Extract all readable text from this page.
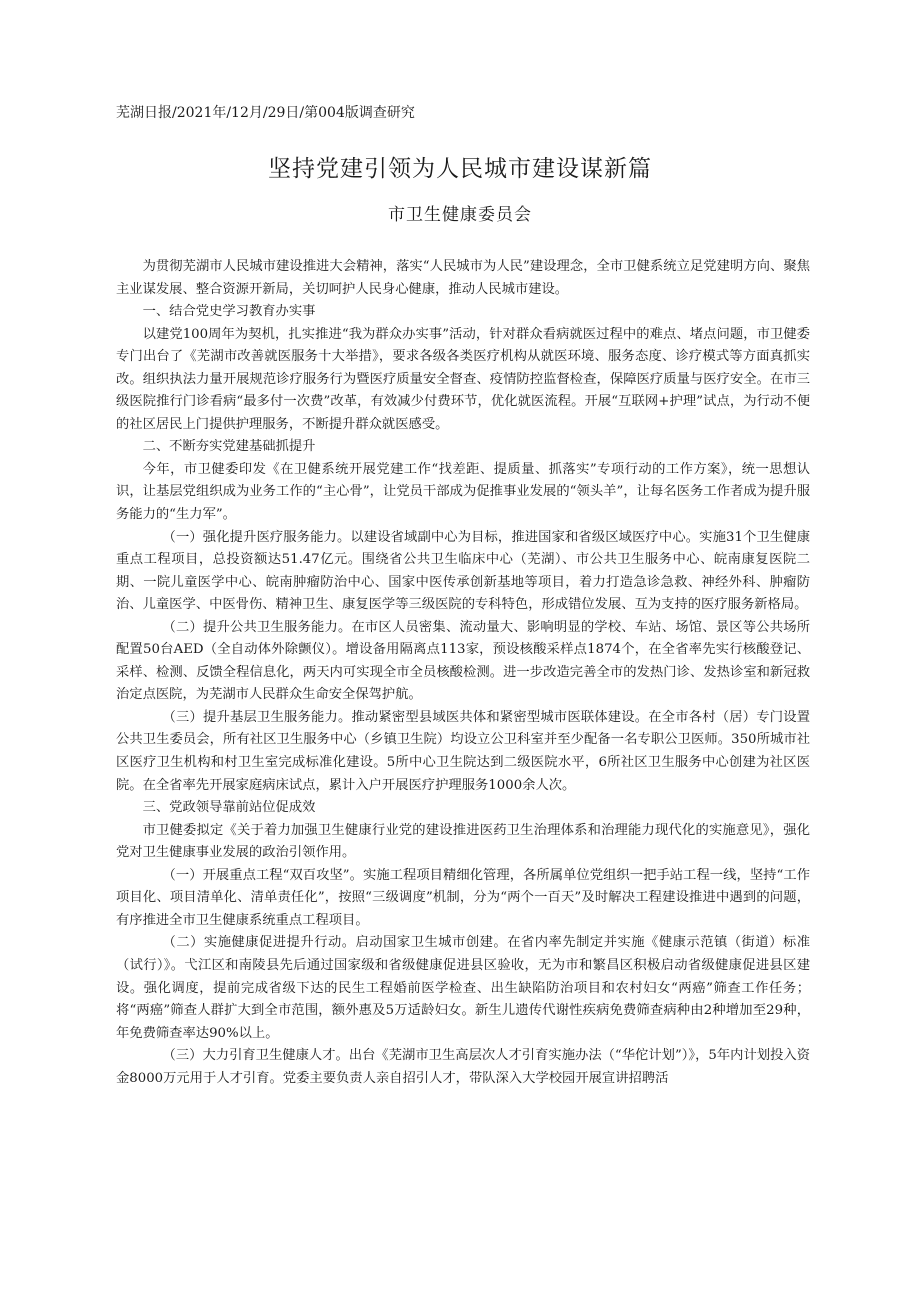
芜湖日报/2021年/12月/29日/第004版调查研究
坚持党建引领为人民城市建设谋新篇
市卫生健康委员会

为贯彻芜湖市人民城市建设推进大会精神，落实“人民城市为人民”建设理念，全市卫健系统立足党建明方向、聚焦主业谋发展、整合资源开新局，关切呵护人民身心健康，推动人民城市建设。

一、结合党史学习教育办实事

以建党100周年为契机，扎实推进“我为群众办实事”活动，针对群众看病就医过程中的难点、堵点问题，市卫健委专门出台了《芜湖市改善就医服务十大举措》，要求各级各类医疗机构从就医环境、服务态度、诊疗模式等方面真抓实改。组织执法力量开展规范诊疗服务行为暨医疗质量安全督查、疫情防控监督检查，保障医疗质量与医疗安全。在市三级医院推行门诊看病“最多付一次费”改革，有效减少付费环节，优化就医流程。开展“互联网+护理”试点，为行动不便的社区居民上门提供护理服务，不断提升群众就医感受。

二、不断夯实党建基础抓提升

今年，市卫健委印发《在卫健系统开展党建工作“找差距、提质量、抓落实”专项行动的工作方案》，统一思想认识，让基层党组织成为业务工作的“主心骨”，让党员干部成为促推事业发展的“领头羊”，让每名医务工作者成为提升服务能力的“生力军”。

（一）强化提升医疗服务能力。以建设省域副中心为目标，推进国家和省级区域医疗中心。实施31个卫生健康重点工程项目，总投资额达51.47亿元。围绕省公共卫生临床中心（芜湖）、市公共卫生服务中心、皖南康复医院二期、一院儿童医学中心、皖南肿瘤防治中心、国家中医传承创新基地等项目，着力打造急诊急救、神经外科、肿瘤防治、儿童医学、中医骨伤、精神卫生、康复医学等三级医院的专科特色，形成错位发展、互为支持的医疗服务新格局。

（二）提升公共卫生服务能力。在市区人员密集、流动量大、影响明显的学校、车站、场馆、景区等公共场所配置50台AED（全自动体外除颤仪）。增设备用隔离点113家，预设核酸采样点1874个，在全省率先实行核酸登记、采样、检测、反馈全程信息化，两天内可实现全市全员核酸检测。进一步改造完善全市的发热门诊、发热诊室和新冠救治定点医院，为芜湖市人民群众生命安全保驾护航。

（三）提升基层卫生服务能力。推动紧密型县域医共体和紧密型城市医联体建设。在全市各村（居）专门设置公共卫生委员会，所有社区卫生服务中心（乡镇卫生院）均设立公卫科室并至少配备一名专职公卫医师。350所城市社区医疗卫生机构和村卫生室完成标准化建设。5所中心卫生院达到二级医院水平，6所社区卫生服务中心创建为社区医院。在全省率先开展家庭病床试点，累计入户开展医疗护理服务1000余人次。

三、党政领导靠前站位促成效

市卫健委拟定《关于着力加强卫生健康行业党的建设推进医药卫生治理体系和治理能力现代化的实施意见》，强化党对卫生健康事业发展的政治引领作用。

（一）开展重点工程“双百攻坚”。实施工程项目精细化管理，各所属单位党组织一把手站工程一线，坚持“工作项目化、项目清单化、清单责任化”，按照“三级调度”机制，分为“两个一百天”及时解决工程建设推进中遇到的问题，有序推进全市卫生健康系统重点工程项目。

（二）实施健康促进提升行动。启动国家卫生城市创建。在省内率先制定并实施《健康示范镇（街道）标准（试行）》。弋江区和南陵县先后通过国家级和省级健康促进县区验收，无为市和繁昌区积极启动省级健康促进县区建设。强化调度，提前完成省级下达的民生工程婚前医学检查、出生缺陷防治项目和农村妇女“两癌”筛查工作任务；将“两癌”筛查人群扩大到全市范围，额外惠及5万适龄妇女。新生儿遗传代谢性疾病免费筛查病种由2种增加至29种，年免费筛查率达90%以上。

（三）大力引育卫生健康人才。出台《芜湖市卫生高层次人才引育实施办法（“华佗计划”）》，5年内计划投入资金8000万元用于人才引育。党委主要负责人亲自招引人才，带队深入大学校园开展宣讲招聘活
